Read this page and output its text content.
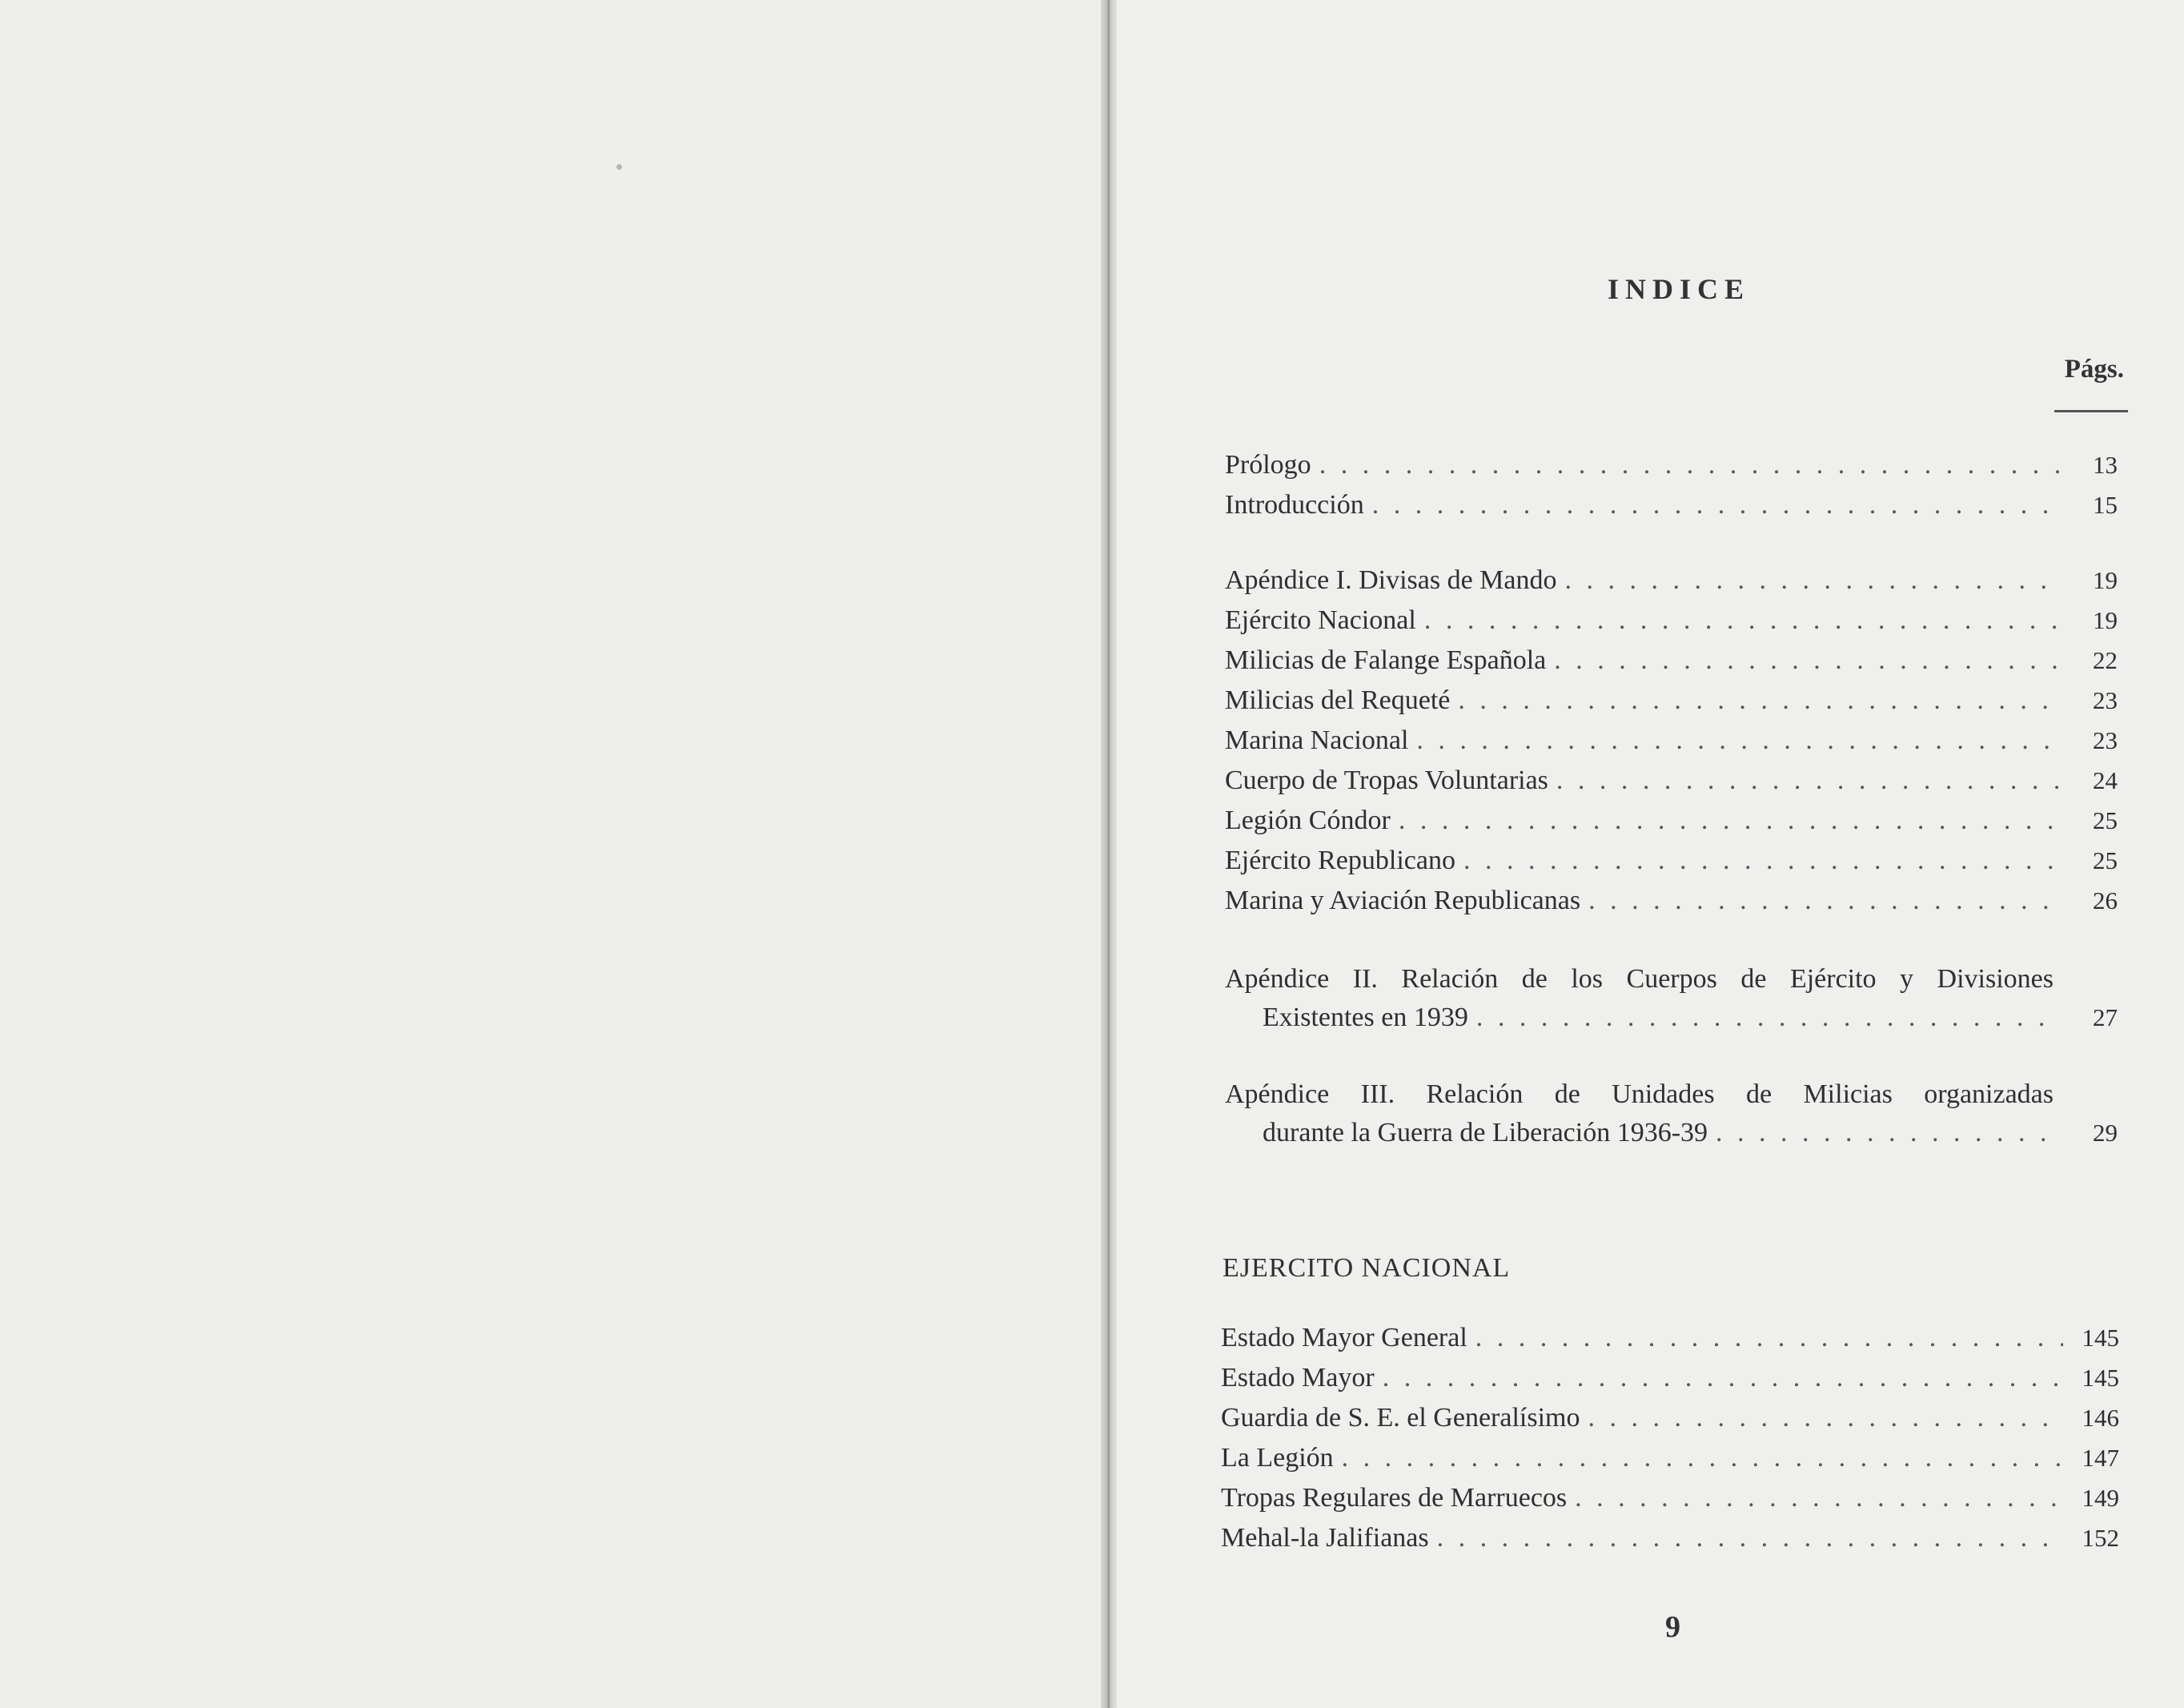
INDICE
Págs.
Prólogo . . .	13
Introducción . . .	15
Apéndice I. Divisas de Mando . . .	19
Ejército Nacional . . .	19
Milicias de Falange Española . . .	22
Milicias del Requeté . . .	23
Marina Nacional . . .	23
Cuerpo de Tropas Voluntarias . . .	24
Legión Cóndor . . .	25
Ejército Republicano . . .	25
Marina y Aviación Republicanas . . .	26
Apéndice II. Relación de los Cuerpos de Ejército y Divisiones
Existentes en 1939 . . .	27
Apéndice III. Relación de Unidades de Milicias organizadas
durante la Guerra de Liberación 1936-39 . . .	29
EJERCITO NACIONAL
Estado Mayor General . . .	145
Estado Mayor . . .	145
Guardia de S. E. el Generalísimo . . .	146
La Legión . . .	147
Tropas Regulares de Marruecos . . .	149
Mehal-la Jalifianas . . .	152
9
